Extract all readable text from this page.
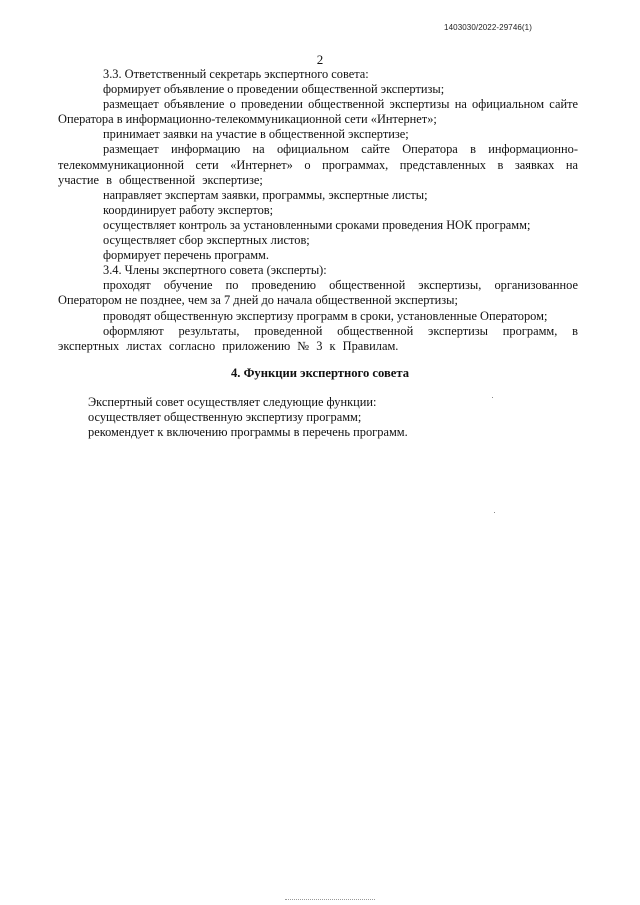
1403030/2022-29746(1)
2

3.3. Ответственный секретарь экспертного совета:

формирует объявление о проведении общественной экспертизы;

размещает объявление о проведении общественной экспертизы на официальном сайте Оператора в информационно-телекоммуникационной сети «Интернет»;

принимает заявки на участие в общественной экспертизе;

размещает информацию на официальном сайте Оператора в информационно-телекоммуникационной сети «Интернет» о программах, представленных в заявках на участие в общественной экспертизе;

направляет экспертам заявки, программы, экспертные листы;

координирует работу экспертов;

осуществляет контроль за установленными сроками проведения НОК программ;

осуществляет сбор экспертных листов;

формирует перечень программ.

3.4. Члены экспертного совета (эксперты):

проходят обучение по проведению общественной экспертизы, организованное Оператором не позднее, чем за 7 дней до начала общественной экспертизы;

проводят общественную экспертизу программ в сроки, установленные Оператором;

оформляют результаты, проведенной общественной экспертизы программ, в экспертных листах согласно приложению № 3 к Правилам.

4. Функции экспертного совета

Экспертный совет осуществляет следующие функции:

осуществляет общественную экспертизу программ;

рекомендует к включению программы в перечень программ.
